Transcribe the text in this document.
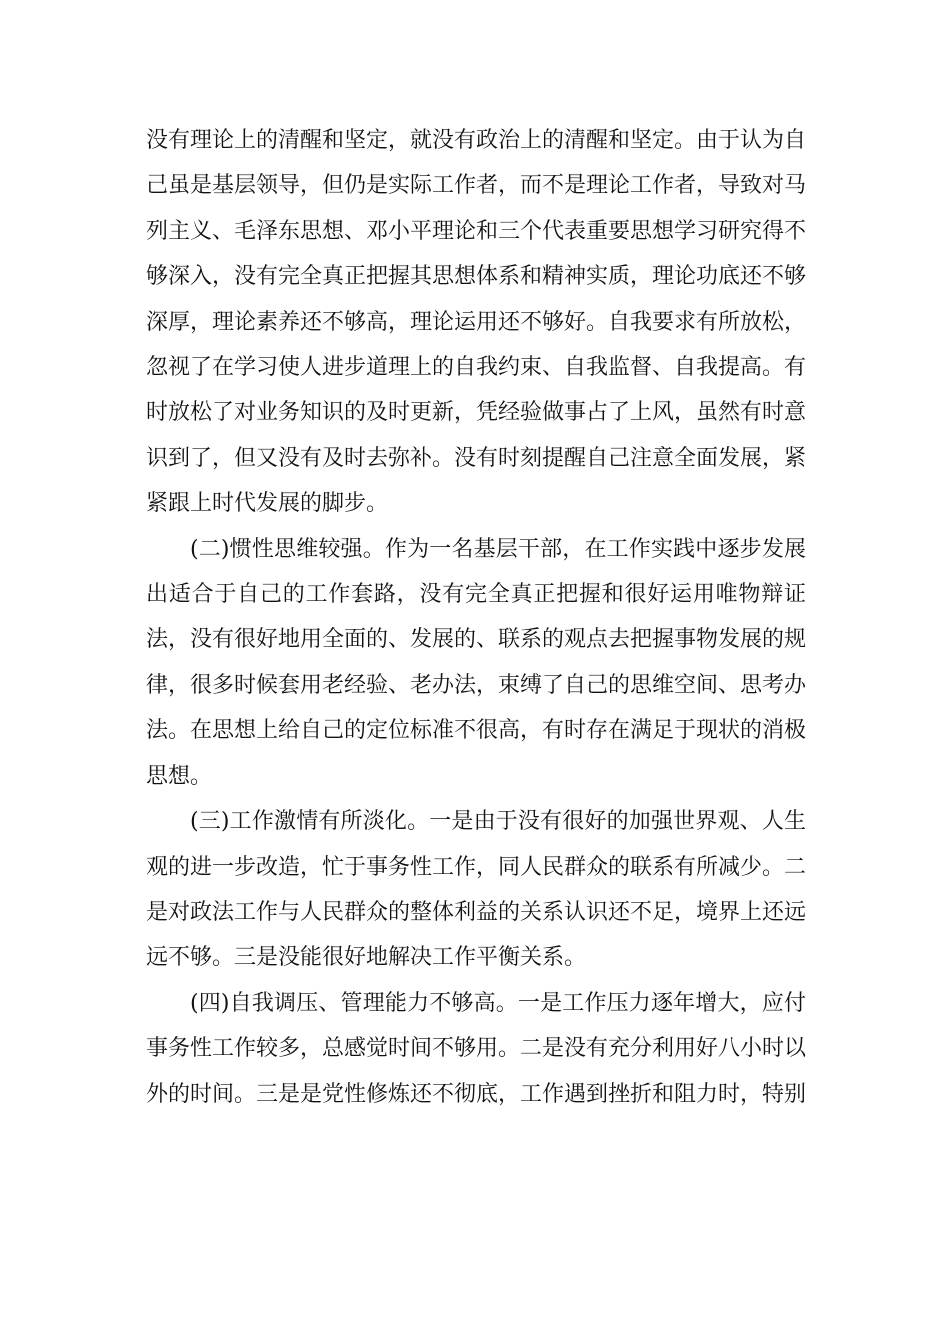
没有理论上的清醒和坚定，就没有政治上的清醒和坚定。由于认为自己虽是基层领导，但仍是实际工作者，而不是理论工作者，导致对马列主义、毛泽东思想、邓小平理论和三个代表重要思想学习研究得不够深入，没有完全真正把握其思想体系和精神实质，理论功底还不够深厚，理论素养还不够高，理论运用还不够好。自我要求有所放松，忽视了在学习使人进步道理上的自我约束、自我监督、自我提高。有时放松了对业务知识的及时更新，凭经验做事占了上风，虽然有时意识到了，但又没有及时去弥补。没有时刻提醒自己注意全面发展，紧紧跟上时代发展的脚步。

(二)惯性思维较强。作为一名基层干部，在工作实践中逐步发展出适合于自己的工作套路，没有完全真正把握和很好运用唯物辩证法，没有很好地用全面的、发展的、联系的观点去把握事物发展的规律，很多时候套用老经验、老办法，束缚了自己的思维空间、思考办法。在思想上给自己的定位标准不很高，有时存在满足于现状的消极思想。

(三)工作激情有所淡化。一是由于没有很好的加强世界观、人生观的进一步改造，忙于事务性工作，同人民群众的联系有所减少。二是对政法工作与人民群众的整体利益的关系认识还不足，境界上还远远不够。三是没能很好地解决工作平衡关系。

(四)自我调压、管理能力不够高。一是工作压力逐年增大，应付事务性工作较多，总感觉时间不够用。二是没有充分利用好八小时以外的时间。三是是党性修炼还不彻底，工作遇到挫折和阻力时，特别
